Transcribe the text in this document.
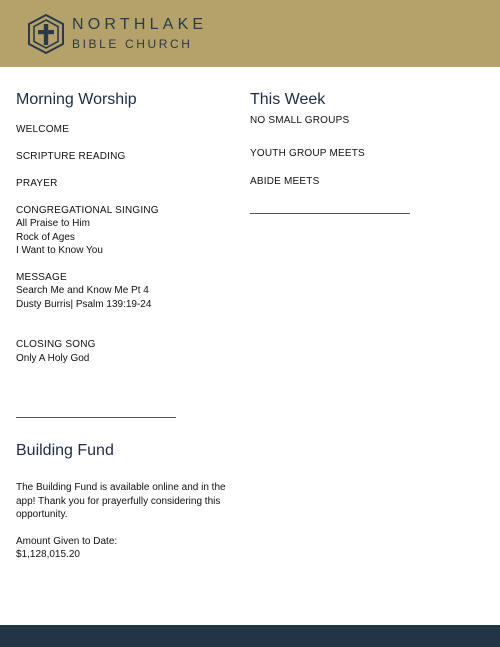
NORTHLAKE
BIBLE CHURCH
Morning Worship
WELCOME
SCRIPTURE READING
PRAYER
CONGREGATIONAL SINGING
All Praise to Him
Rock of Ages
I Want to Know You
MESSAGE
Search Me and Know Me Pt 4
Dusty Burris| Psalm 139:19-24
CLOSING SONG
Only A Holy God
Building Fund
The Building Fund is available online and in the app! Thank you for prayerfully considering this opportunity.
Amount Given to Date:
$1,128,015.20
This Week
NO SMALL GROUPS
YOUTH GROUP MEETS
ABIDE MEETS
